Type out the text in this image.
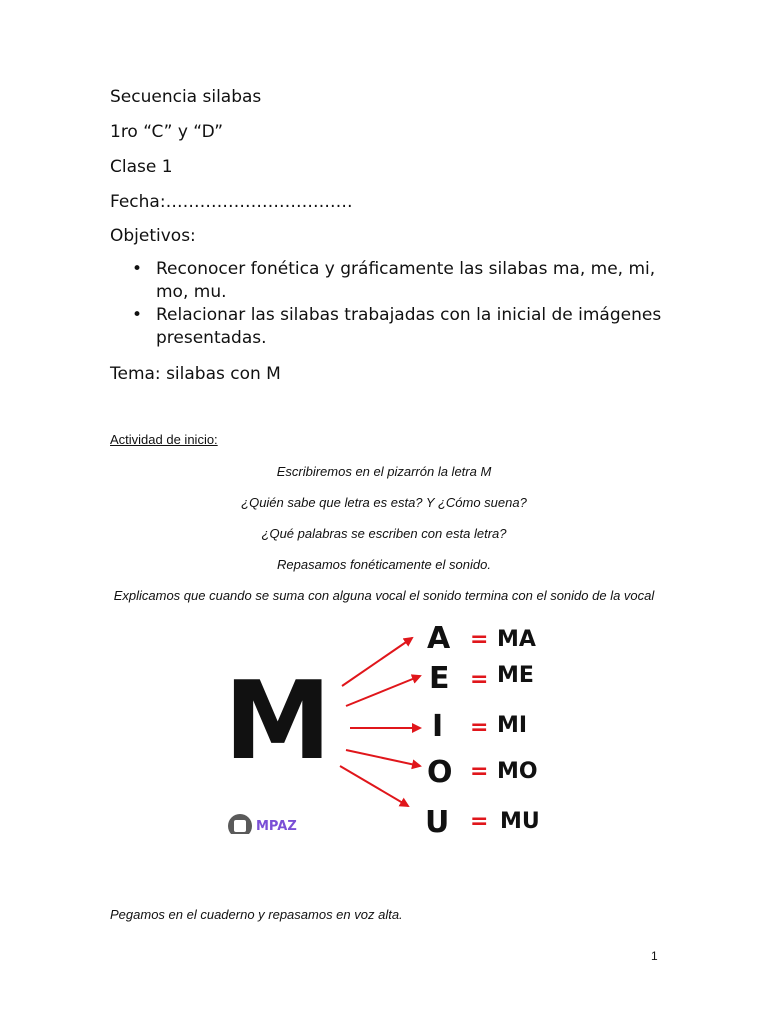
Secuencia silabas
1ro “C” y “D”
Clase 1
Fecha:……………………………
Objetivos:
• Reconocer fonética y gráficamente las silabas ma, me, mi, mo, mu.
• Relacionar las silabas trabajadas con la inicial de imágenes presentadas.
Tema: silabas con M
Actividad de inicio:
Escribiremos en el pizarrón la letra M
¿Quién sabe que letra es esta? Y ¿Cómo suena?
¿Qué palabras se escriben con esta letra?
Repasamos fonéticamente el sonido.
Explicamos que cuando se suma con alguna vocal el sonido termina con el sonido de la vocal
M
A = MA
E = ME
I = MI
O = MO
U = MU
MPAZ
Pegamos en el cuaderno y repasamos en voz alta.
1
